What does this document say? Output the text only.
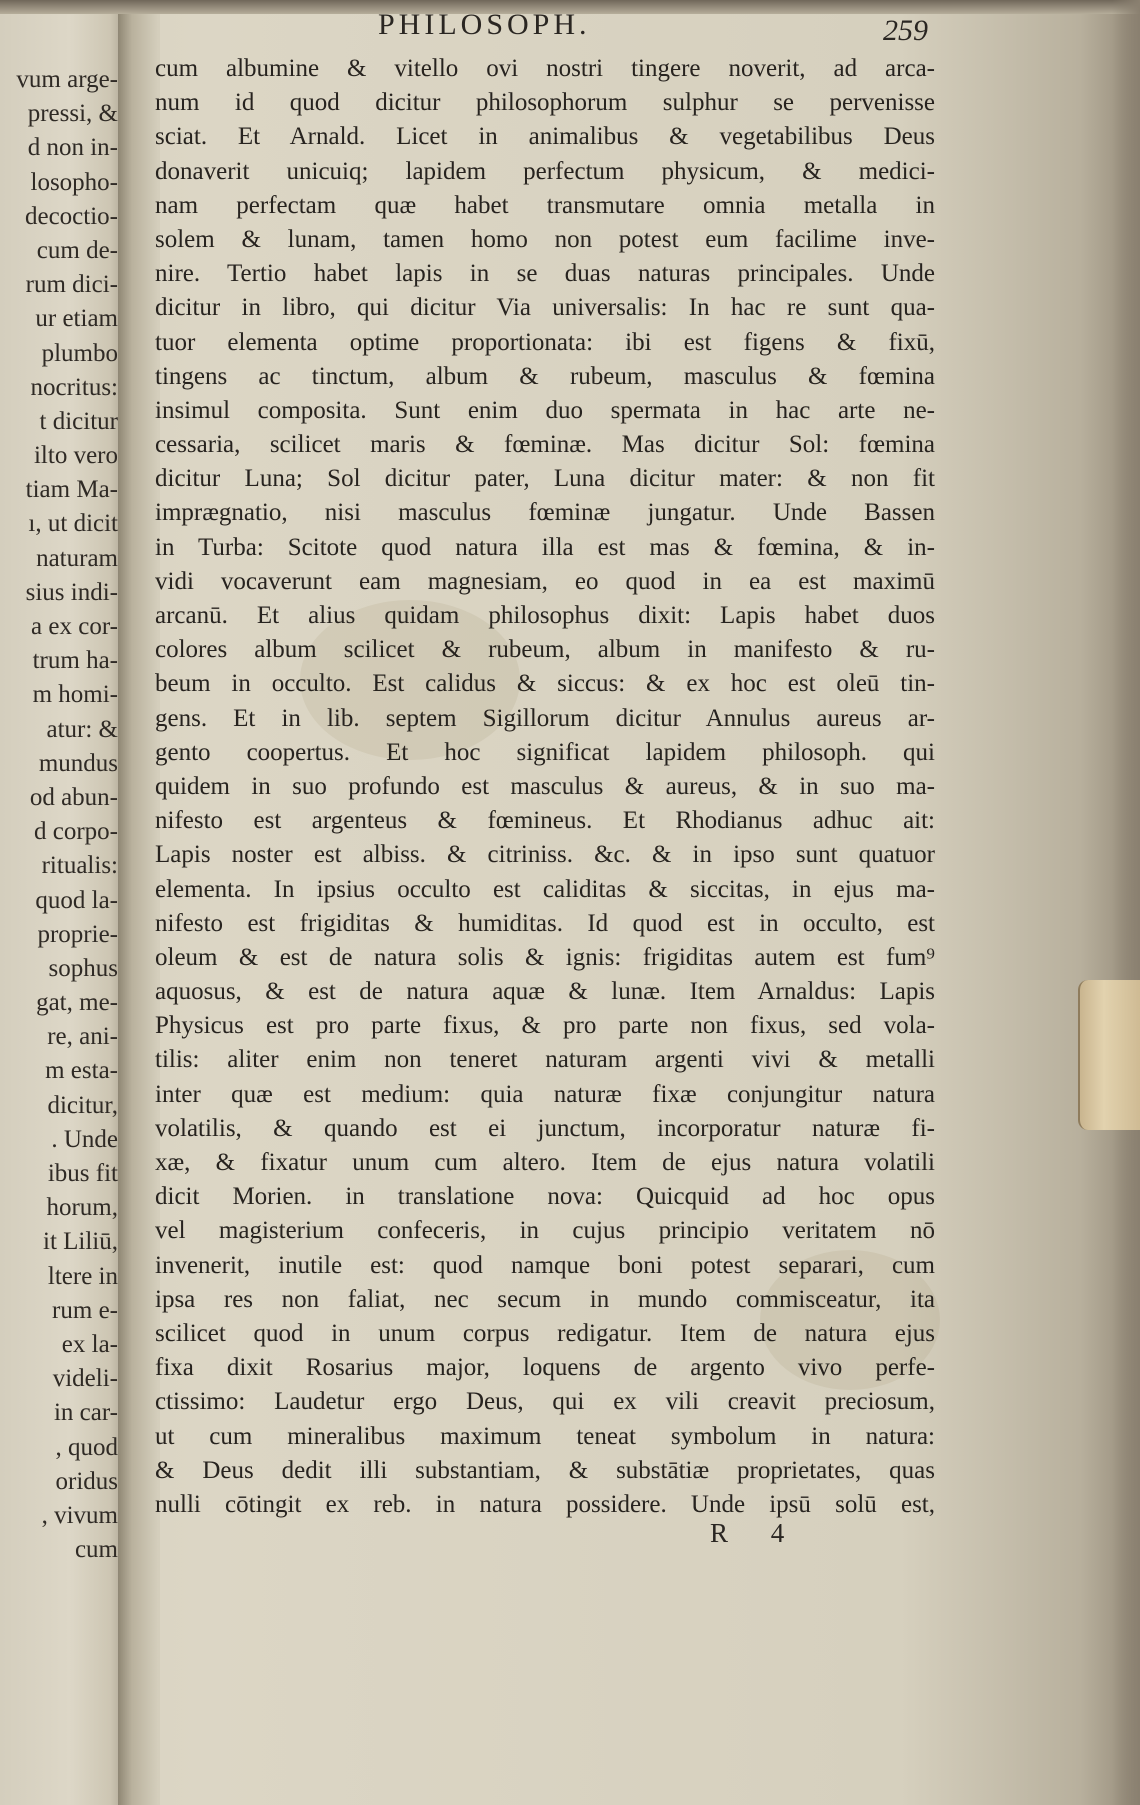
vum arge-
pressi, &
d non in-
losopho-
decoctio-
cum de-
rum dici-
ur etiam
plumbo
nocritus:
t dicitur
ilto vero
tiam Ma-
ı, ut dicit
naturam
sius indi-
a ex cor-
trum ha-
m homi-
atur: &
mundus
od abun-
d corpo-
ritualis:
quod la-
proprie-
sophus
gat, me-
re, ani-
m esta-
dicitur,
. Unde
ibus fit
horum,
it Liliū,
ltere in
rum e-
ex la-
videli-
in car-
, quod
oridus
, vivum
cum
PHILOSOPH.	259
cum albumine & vitello ovi nostri tingere noverit, ad arca-
num id quod dicitur philosophorum sulphur se pervenisse
sciat. Et Arnald. Licet in animalibus & vegetabilibus Deus
donaverit unicuiq; lapidem perfectum physicum, & medici-
nam perfectam quæ habet transmutare omnia metalla in
solem & lunam, tamen homo non potest eum facilime inve-
nire. Tertio habet lapis in se duas naturas principales. Unde
dicitur in libro, qui dicitur Via universalis: In hac re sunt qua-
tuor elementa optime proportionata: ibi est figens & fixū,
tingens ac tinctum, album & rubeum, masculus & fœmina
insimul composita. Sunt enim duo spermata in hac arte ne-
cessaria, scilicet maris & fœminæ. Mas dicitur Sol: fœmina
dicitur Luna; Sol dicitur pater, Luna dicitur mater: & non fit
imprægnatio, nisi masculus fœminæ jungatur. Unde Bassen
in Turba: Scitote quod natura illa est mas & fœmina, & in-
vidi vocaverunt eam magnesiam, eo quod in ea est maximū
arcanū. Et alius quidam philosophus dixit: Lapis habet duos
colores album scilicet & rubeum, album in manifesto & ru-
beum in occulto. Est calidus & siccus: & ex hoc est oleū tin-
gens. Et in lib. septem Sigillorum dicitur Annulus aureus ar-
gento coopertus. Et hoc significat lapidem philosoph. qui
quidem in suo profundo est masculus & aureus, & in suo ma-
nifesto est argenteus & fœmineus. Et Rhodianus adhuc ait:
Lapis noster est albiss. & citriniss. &c. & in ipso sunt quatuor
elementa. In ipsius occulto est caliditas & siccitas, in ejus ma-
nifesto est frigiditas & humiditas. Id quod est in occulto, est
oleum & est de natura solis & ignis: frigiditas autem est fum⁹
aquosus, & est de natura aquæ & lunæ. Item Arnaldus: Lapis
Physicus est pro parte fixus, & pro parte non fixus, sed vola-
tilis: aliter enim non teneret naturam argenti vivi & metalli
inter quæ est medium: quia naturæ fixæ conjungitur natura
volatilis, & quando est ei junctum, incorporatur naturæ fi-
xæ, & fixatur unum cum altero. Item de ejus natura volatili
dicit Morien. in translatione nova: Quicquid ad hoc opus
vel magisterium confeceris, in cujus principio veritatem nō
invenerit, inutile est: quod namque boni potest separari, cum
ipsa res non faliat, nec secum in mundo commisceatur, ita
scilicet quod in unum corpus redigatur. Item de natura ejus
fixa dixit Rosarius major, loquens de argento vivo perfe-
ctissimo: Laudetur ergo Deus, qui ex vili creavit preciosum,
ut cum mineralibus maximum teneat symbolum in natura:
& Deus dedit illi substantiam, & substātiæ proprietates, quas
nulli cōtingit ex reb. in natura possidere. Unde ipsū solū est,
R 4
